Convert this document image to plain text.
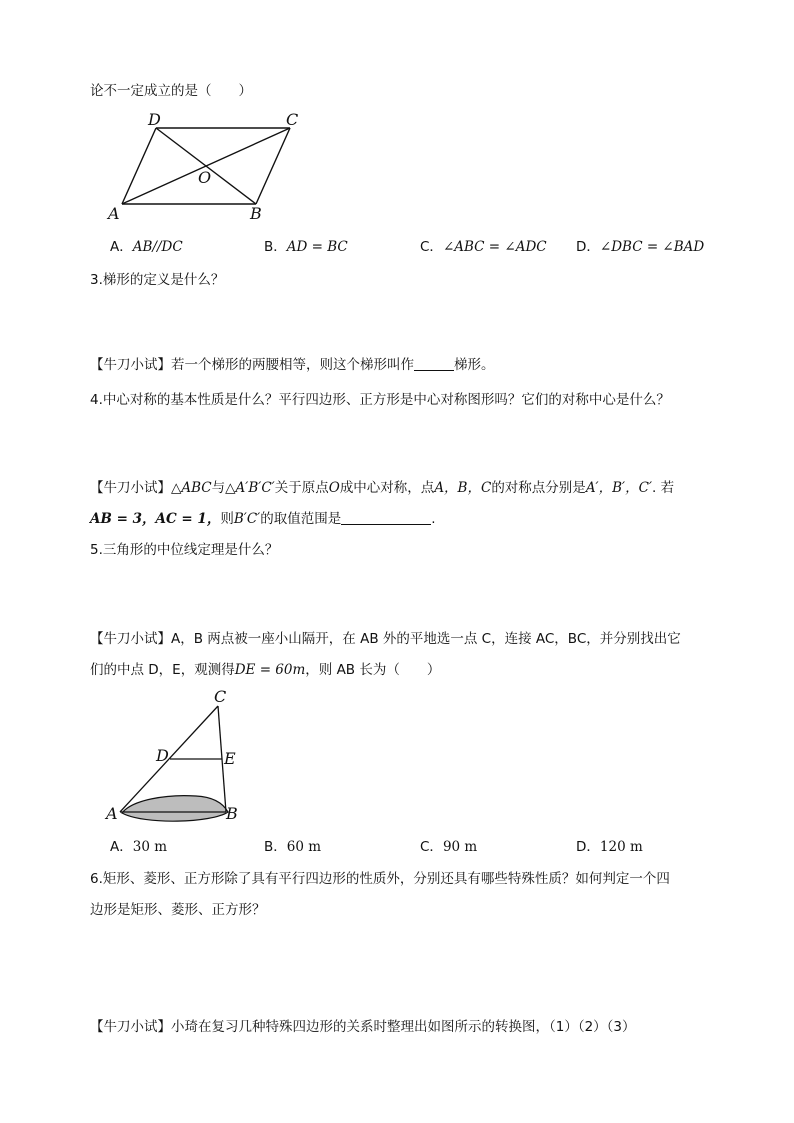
论不一定成立的是（　　）
D	C
O
A	B
A．AB//DC	B．AD = BC	C．∠ABC = ∠ADC D．∠DBC = ∠BAD
3.梯形的定义是什么？
【牛刀小试】若一个梯形的两腰相等，则这个梯形叫作	梯形。
4.中心对称的基本性质是什么？平行四边形、正方形是中心对称图形吗？它们的对称中心是什么？
【牛刀小试】△ABC与△A′B′C′关于原点O成中心对称，点A，B，C的对称点分别是A′，B′，C′. 若
AB = 3，AC = 1，则B′C′的取值范围是	.
5.三角形的中位线定理是什么？
【牛刀小试】A，B 两点被一座小山隔开，在 AB 外的平地选一点 C，连接 AC，BC，并分别找出它
们的中点 D，E，观测得DE = 60m，则 AB 长为（　　）
C
D	E
A	B
A．30 m	B．60 m	C．90 m	D．120 m
6.矩形、菱形、正方形除了具有平行四边形的性质外，分别还具有哪些特殊性质？如何判定一个四
边形是矩形、菱形、正方形？
【牛刀小试】小琦在复习几种特殊四边形的关系时整理出如图所示的转换图，（1）（2）（3）
